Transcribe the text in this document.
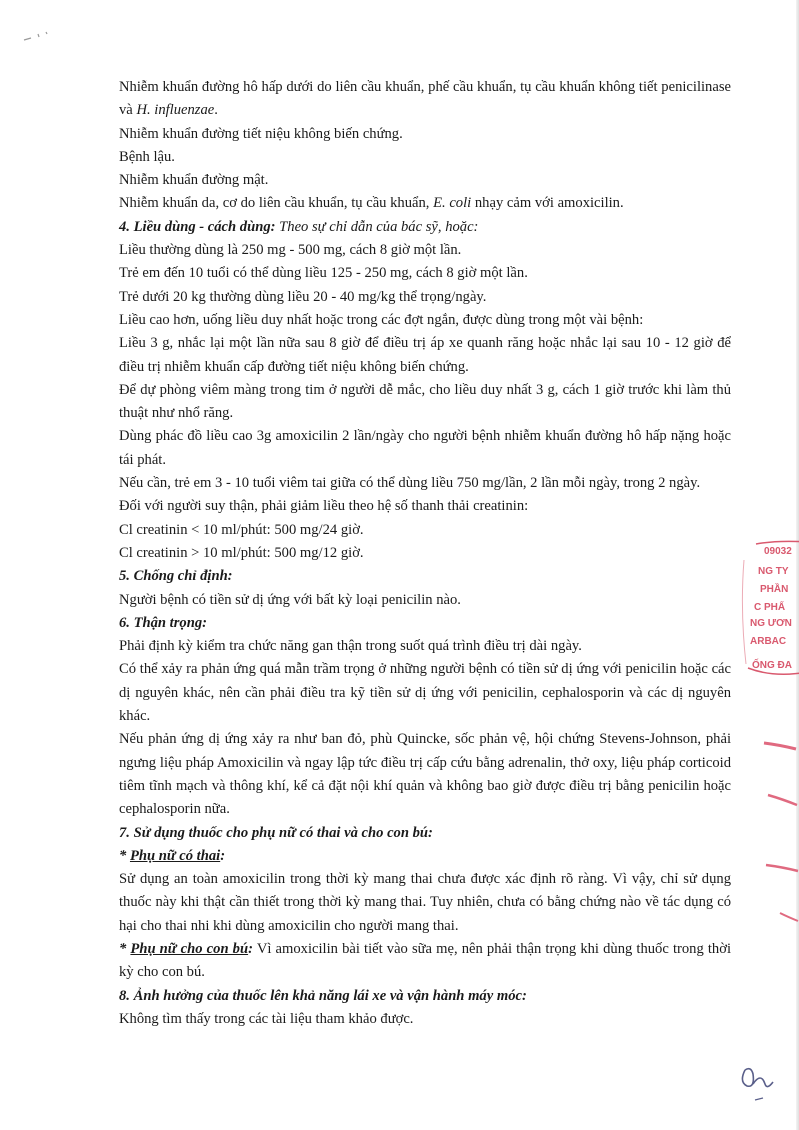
Nhiễm khuẩn đường hô hấp dưới do liên cầu khuẩn, phế cầu khuẩn, tụ cầu khuẩn không tiết penicilinase và H. influenzae.

Nhiễm khuẩn đường tiết niệu không biến chứng.

Bệnh lậu.

Nhiễm khuẩn đường mật.

Nhiễm khuẩn da, cơ do liên cầu khuẩn, tụ cầu khuẩn, E. coli nhạy cảm với amoxicilin.

4. Liều dùng - cách dùng: Theo sự chỉ dẫn của bác sỹ, hoặc:

Liều thường dùng là 250 mg - 500 mg, cách 8 giờ một lần.

Trẻ em đến 10 tuổi có thể dùng liều 125 - 250 mg, cách 8 giờ một lần.

Trẻ dưới 20 kg thường dùng liều 20 - 40 mg/kg thể trọng/ngày.

Liều cao hơn, uống liều duy nhất hoặc trong các đợt ngắn, được dùng trong một vài bệnh:

Liều 3 g, nhắc lại một lần nữa sau 8 giờ để điều trị áp xe quanh răng hoặc nhắc lại sau 10 - 12 giờ để điều trị nhiễm khuẩn cấp đường tiết niệu không biến chứng.

Để dự phòng viêm màng trong tim ở người dễ mắc, cho liều duy nhất 3 g, cách 1 giờ trước khi làm thủ thuật như nhổ răng.

Dùng phác đồ liều cao 3g amoxicilin 2 lần/ngày cho người bệnh nhiễm khuẩn đường hô hấp nặng hoặc tái phát.

Nếu cần, trẻ em 3 - 10 tuổi viêm tai giữa có thể dùng liều 750 mg/lần, 2 lần mỗi ngày, trong 2 ngày.

Đối với người suy thận, phải giảm liều theo hệ số thanh thải creatinin:

Cl creatinin < 10 ml/phút: 500 mg/24 giờ.

Cl creatinin > 10 ml/phút: 500 mg/12 giờ.

5. Chống chỉ định:

Người bệnh có tiền sử dị ứng với bất kỳ loại penicilin nào.

6. Thận trọng:

Phải định kỳ kiểm tra chức năng gan thận trong suốt quá trình điều trị dài ngày.

Có thể xảy ra phản ứng quá mẫn trầm trọng ở những người bệnh có tiền sử dị ứng với penicilin hoặc các dị nguyên khác, nên cần phải điều tra kỹ tiền sử dị ứng với penicilin, cephalosporin và các dị nguyên khác.

Nếu phản ứng dị ứng xảy ra như ban đỏ, phù Quincke, sốc phản vệ, hội chứng Stevens-Johnson, phải ngưng liệu pháp Amoxicilin và ngay lập tức điều trị cấp cứu bằng adrenalin, thở oxy, liệu pháp corticoid tiêm tĩnh mạch và thông khí, kể cả đặt nội khí quản và không bao giờ được điều trị bằng penicilin hoặc cephalosporin nữa.

7. Sử dụng thuốc cho phụ nữ có thai và cho con bú:

* Phụ nữ có thai:

Sử dụng an toàn amoxicilin trong thời kỳ mang thai chưa được xác định rõ ràng. Vì vậy, chỉ sử dụng thuốc này khi thật cần thiết trong thời kỳ mang thai. Tuy nhiên, chưa có bằng chứng nào về tác dụng có hại cho thai nhi khi dùng amoxicilin cho người mang thai.

* Phụ nữ cho con bú: Vì amoxicilin bài tiết vào sữa mẹ, nên phải thận trọng khi dùng thuốc trong thời kỳ cho con bú.

8. Ảnh hưởng của thuốc lên khả năng lái xe và vận hành máy móc:

Không tìm thấy trong các tài liệu tham khảo được.

09032
NG TY
PHẦN
C PHẨ
NG ƯƠN
ARBAC
ỐNG ĐA
